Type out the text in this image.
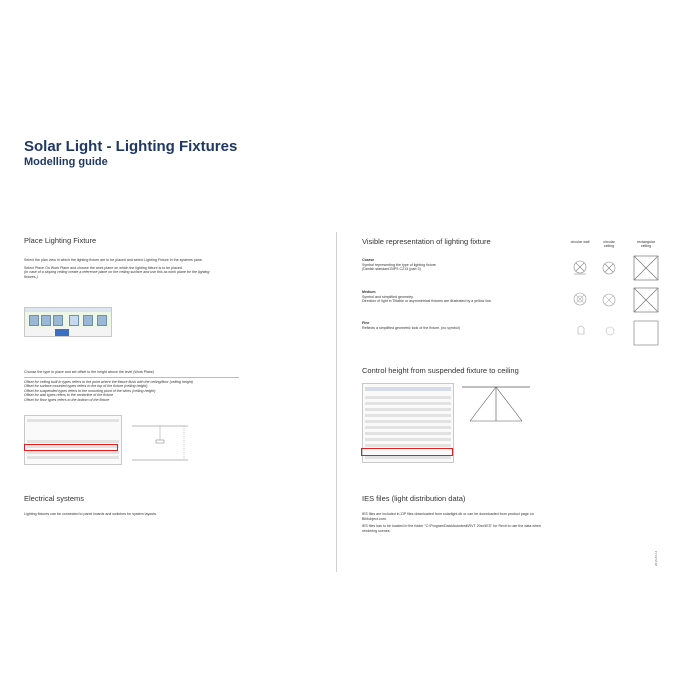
Solar Light - Lighting Fixtures
Modelling guide
Place Lighting Fixture

Select the plan view in which the lighting fixture are to be placed and select Lighting Fixture in the systems pane.

Select Place On Work Plane and choose the work plane on which the lighting fixture is to be placed.

(In case of a sloping ceiling create a reference plane on the ceiling surface and use this as work plane for the lighting fixtures.)

Choose the type to place and set offset to the height above the level (Work Plane)

Offset for ceiling built in types refers to the point where the fixture flush with the ceiling/floor (ceiling height)
Offset for surface mounted types refers to the top of the fixture (ceiling height)
Offset for suspended types refers to the mounting point of the wires (ceiling height)
Offset for wall types refers to the centerline of the fixture
Offset for floor types refers to the bottom of the fixture
Electrical systems
Lighting fixtures can be connected to panel boards and switches for system layouts.
Visible representation of lighting fixture	circular wall	circular ceiling
rectangular ceiling
Coarse
Symbol representing the type of lighting fixture
(Danish standard BIPS C213 (part 3)
Medium
Symbol and simplified geometry.
Direction of light in Tiltable or asymmetrical fixtures are illustrated by a yellow line.
Fine
Reflects a simplified geometric look of the fixture. (no symbol)
Control height from suspended fixture to ceiling
IES files (light distribution data)

IES files are included in ZIP files downloaded from solarlight.dk or can be downloaded from product page on BIMobject.com.

IES files has to be located in the folder "C:\ProgramData\Autodesk\RVT 20xx\IES" for Revit to use the data when rendering scenes.

2016-06-14
